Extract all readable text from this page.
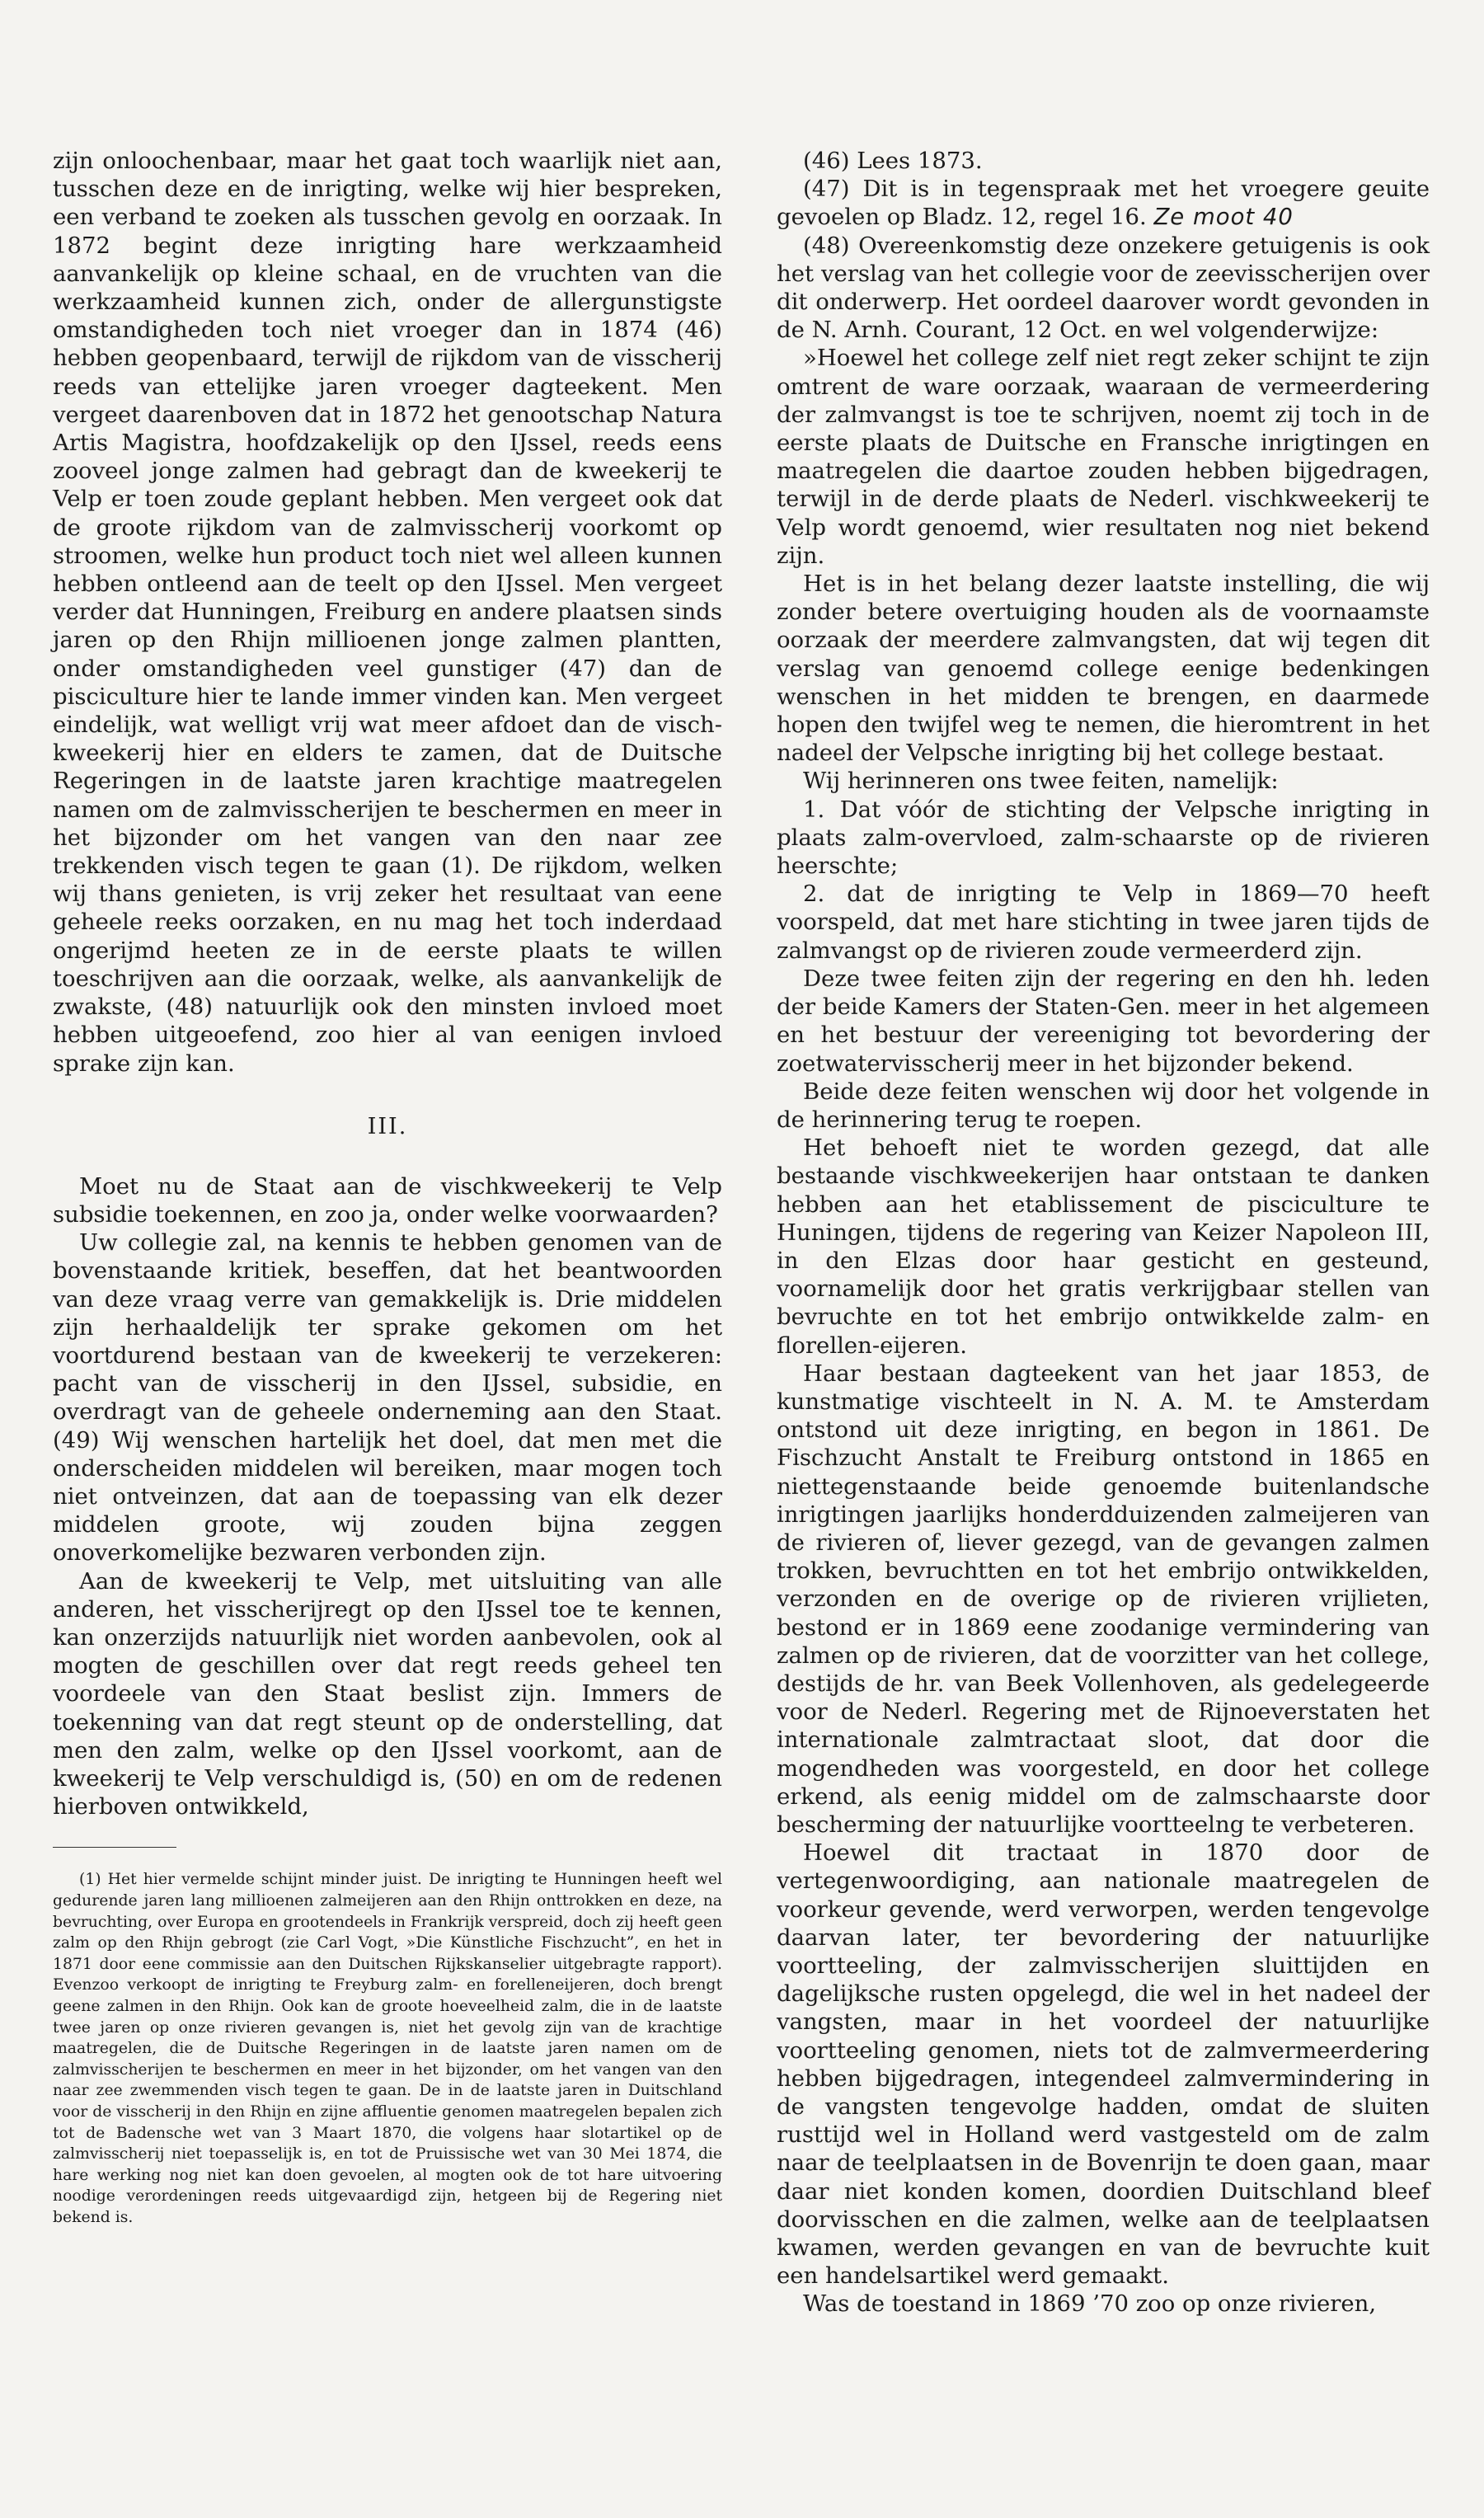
zijn onloochenbaar, maar het gaat toch waarlijk niet aan, tusschen deze en de inrigting, welke wij hier bespreken, een verband te zoeken als tusschen gevolg en oorzaak. In 1872 begint deze inrigting hare werkzaamheid aanvankelijk op kleine schaal, en de vruchten van die werkzaamheid kunnen zich, onder de allergunstigste omstandigheden toch niet vroeger dan in 1874 (46) hebben geopenbaard, terwijl de rijkdom van de visscherij reeds van ettelijke jaren vroeger dagteekent. Men vergeet daarenboven dat in 1872 het genootschap Natura Artis Magistra, hoofdzakelijk op den IJssel, reeds eens zooveel jonge zalmen had gebragt dan de kweekerij te Velp er toen zoude geplant hebben. Men vergeet ook dat de groote rijkdom van de zalmvisscherij voorkomt op stroomen, welke hun product toch niet wel alleen kunnen hebben ontleend aan de teelt op den IJssel. Men vergeet verder dat Hunningen, Freiburg en andere plaatsen sinds jaren op den Rhijn millioenen jonge zalmen plantten, onder omstandigheden veel gunstiger (47) dan de pisciculture hier te lande immer vinden kan. Men vergeet eindelijk, wat welligt vrij wat meer afdoet dan de visch-kweekerij hier en elders te zamen, dat de Duitsche Regeringen in de laatste jaren krachtige maatregelen namen om de zalmvisscherijen te beschermen en meer in het bijzonder om het vangen van den naar zee trekkenden visch tegen te gaan (1). De rijkdom, welken wij thans genieten, is vrij zeker het resultaat van eene geheele reeks oorzaken, en nu mag het toch inderdaad ongerijmd heeten ze in de eerste plaats te willen toeschrijven aan die oorzaak, welke, als aanvankelijk de zwakste, (48) natuurlijk ook den minsten invloed moet hebben uitgeoefend, zoo hier al van eenigen invloed sprake zijn kan.

III.

Moet nu de Staat aan de vischkweekerij te Velp subsidie toekennen, en zoo ja, onder welke voorwaarden?

Uw collegie zal, na kennis te hebben genomen van de bovenstaande kritiek, beseffen, dat het beantwoorden van deze vraag verre van gemakkelijk is. Drie middelen zijn herhaaldelijk ter sprake gekomen om het voortdurend bestaan van de kweekerij te verzekeren: pacht van de visscherij in den IJssel, subsidie, en overdragt van de geheele onderneming aan den Staat. (49) Wij wenschen hartelijk het doel, dat men met die onderscheiden middelen wil bereiken, maar mogen toch niet ontveinzen, dat aan de toepassing van elk dezer middelen groote, wij zouden bijna zeggen onoverkomelijke bezwaren verbonden zijn.

Aan de kweekerij te Velp, met uitsluiting van alle anderen, het visscherijregt op den IJssel toe te kennen, kan onzerzijds natuurlijk niet worden aanbevolen, ook al mogten de geschillen over dat regt reeds geheel ten voordeele van den Staat beslist zijn. Immers de toekenning van dat regt steunt op de onderstelling, dat men den zalm, welke op den IJssel voorkomt, aan de kweekerij te Velp verschuldigd is, (50) en om de redenen hierboven ontwikkeld,

(1) Het hier vermelde schijnt minder juist. De inrigting te Hunningen heeft wel gedurende jaren lang millioenen zalmeijeren aan den Rhijn onttrokken en deze, na bevruchting, over Europa en grootendeels in Frankrijk verspreid, doch zij heeft geen zalm op den Rhijn gebrogt (zie Carl Vogt, »Die Künstliche Fischzucht”, en het in 1871 door eene commissie aan den Duitschen Rijkskanselier uitgebragte rapport). Evenzoo verkoopt de inrigting te Freyburg zalm- en forelleneijeren, doch brengt geene zalmen in den Rhijn. Ook kan de groote hoeveelheid zalm, die in de laatste twee jaren op onze rivieren gevangen is, niet het gevolg zijn van de krachtige maatregelen, die de Duitsche Regeringen in de laatste jaren namen om de zalmvisscherijen te beschermen en meer in het bijzonder, om het vangen van den naar zee zwemmenden visch tegen te gaan. De in de laatste jaren in Duitschland voor de visscherij in den Rhijn en zijne affluentie genomen maatregelen bepalen zich tot de Badensche wet van 3 Maart 1870, die volgens haar slotartikel op de zalmvisscherij niet toepasselijk is, en tot de Pruissische wet van 30 Mei 1874, die hare werking nog niet kan doen gevoelen, al mogten ook de tot hare uitvoering noodige verordeningen reeds uitgevaardigd zijn, hetgeen bij de Regering niet bekend is.

(46) Lees 1873.

(47) Dit is in tegenspraak met het vroegere geuite gevoelen op Bladz. 12, regel 16. Ze moot 40

(48) Overeenkomstig deze onzekere getuigenis is ook het verslag van het collegie voor de zeevisscherijen over dit onderwerp. Het oordeel daarover wordt gevonden in de N. Arnh. Courant, 12 Oct. en wel volgenderwijze:

»Hoewel het college zelf niet regt zeker schijnt te zijn omtrent de ware oorzaak, waaraan de vermeerdering der zalmvangst is toe te schrijven, noemt zij toch in de eerste plaats de Duitsche en Fransche inrigtingen en maatregelen die daartoe zouden hebben bijgedragen, terwijl in de derde plaats de Nederl. vischkweekerij te Velp wordt genoemd, wier resultaten nog niet bekend zijn.

Het is in het belang dezer laatste instelling, die wij zonder betere overtuiging houden als de voornaamste oorzaak der meerdere zalmvangsten, dat wij tegen dit verslag van genoemd college eenige bedenkingen wenschen in het midden te brengen, en daarmede hopen den twijfel weg te nemen, die hieromtrent in het nadeel der Velpsche inrigting bij het college bestaat.

Wij herinneren ons twee feiten, namelijk:

1. Dat vóór de stichting der Velpsche inrigting in plaats zalm-overvloed, zalm-schaarste op de rivieren heerschte;

2. dat de inrigting te Velp in 1869—70 heeft voorspeld, dat met hare stichting in twee jaren tijds de zalmvangst op de rivieren zoude vermeerderd zijn.

Deze twee feiten zijn der regering en den hh. leden der beide Kamers der Staten-Gen. meer in het algemeen en het bestuur der vereeniging tot bevordering der zoetwatervisscherij meer in het bijzonder bekend.

Beide deze feiten wenschen wij door het volgende in de herinnering terug te roepen.

Het behoeft niet te worden gezegd, dat alle bestaande vischkweekerijen haar ontstaan te danken hebben aan het etablissement de pisciculture te Huningen, tijdens de regering van Keizer Napoleon III, in den Elzas door haar gesticht en gesteund, voornamelijk door het gratis verkrijgbaar stellen van bevruchte en tot het embrijo ontwikkelde zalm- en florellen-eijeren.

Haar bestaan dagteekent van het jaar 1853, de kunstmatige vischteelt in N. A. M. te Amsterdam ontstond uit deze inrigting, en begon in 1861. De Fischzucht Anstalt te Freiburg ontstond in 1865 en niettegenstaande beide genoemde buitenlandsche inrigtingen jaarlijks honderdduizenden zalmeijeren van de rivieren of, liever gezegd, van de gevangen zalmen trokken, bevruchtten en tot het embrijo ontwikkelden, verzonden en de overige op de rivieren vrijlieten, bestond er in 1869 eene zoodanige vermindering van zalmen op de rivieren, dat de voorzitter van het college, destijds de hr. van Beek Vollenhoven, als gedelegeerde voor de Nederl. Regering met de Rijnoeverstaten het internationale zalmtractaat sloot, dat door die mogendheden was voorgesteld, en door het college erkend, als eenig middel om de zalmschaarste door bescherming der natuurlijke voortteelng te verbeteren.

Hoewel dit tractaat in 1870 door de vertegenwoordiging, aan nationale maatregelen de voorkeur gevende, werd verworpen, werden tengevolge daarvan later, ter bevordering der natuurlijke voortteeling, der zalmvisscherijen sluittijden en dagelijksche rusten opgelegd, die wel in het nadeel der vangsten, maar in het voordeel der natuurlijke voortteeling genomen, niets tot de zalmvermeerdering hebben bijgedragen, integendeel zalmvermindering in de vangsten tengevolge hadden, omdat de sluiten rusttijd wel in Holland werd vastgesteld om de zalm naar de teelplaatsen in de Bovenrijn te doen gaan, maar daar niet konden komen, doordien Duitschland bleef doorvisschen en die zalmen, welke aan de teelplaatsen kwamen, werden gevangen en van de bevruchte kuit een handelsartikel werd gemaakt.

Was de toestand in 1869 ’70 zoo op onze rivieren,
